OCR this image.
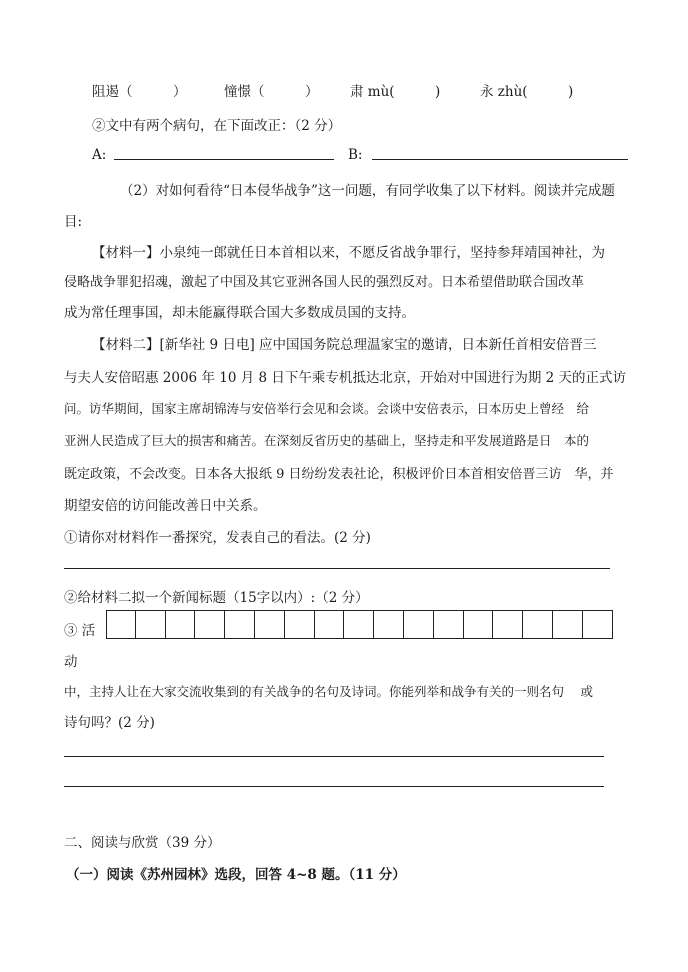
阻遏（　　　）	憧憬（　　　） 肃 mù(　　　)	永 zhù(　　　)
②文中有两个病句，在下面改正：（2 分）
A:	B:
（2）对如何看待“日本侵华战争”这一问题，有同学收集了以下材料。阅读并完成题
目:
【材料一】小泉纯一郎就任日本首相以来，不愿反省战争罪行，坚持参拜靖国神社，为
侵略战争罪犯招魂，激起了中国及其它亚洲各国人民的强烈反对。日本希望借助联合国改革
成为常任理事国，却未能赢得联合国大多数成员国的支持。
【材料二】[新华社 9 日电] 应中国国务院总理温家宝的邀请，日本新任首相安倍晋三
与夫人安倍昭惠 2006 年 10 月 8 日下午乘专机抵达北京，开始对中国进行为期 2 天的正式访
问。访华期间，国家主席胡锦涛与安倍举行会见和会谈。会谈中安倍表示，日本历史上曾经　给
亚洲人民造成了巨大的损害和痛苦。在深刻反省历史的基础上，坚持走和平发展道路是日　本的
既定政策，不会改变。日本各大报纸 9 日纷纷发表社论，积极评价日本首相安倍晋三访　华，并
期望安倍的访问能改善日中关系。
①请你对材料作一番探究，发表自己的看法。(2 分)
②给材料二拟一个新闻标题（15字以内）:（2 分）
③ 活
动
中，主持人让在大家交流收集到的有关战争的名句及诗词。你能列举和战争有关的一则名句　 或
诗句吗？(2 分)
二、阅读与欣赏（39 分）
（一）阅读《苏州园林》选段，回答 4~8 题。（11 分）
